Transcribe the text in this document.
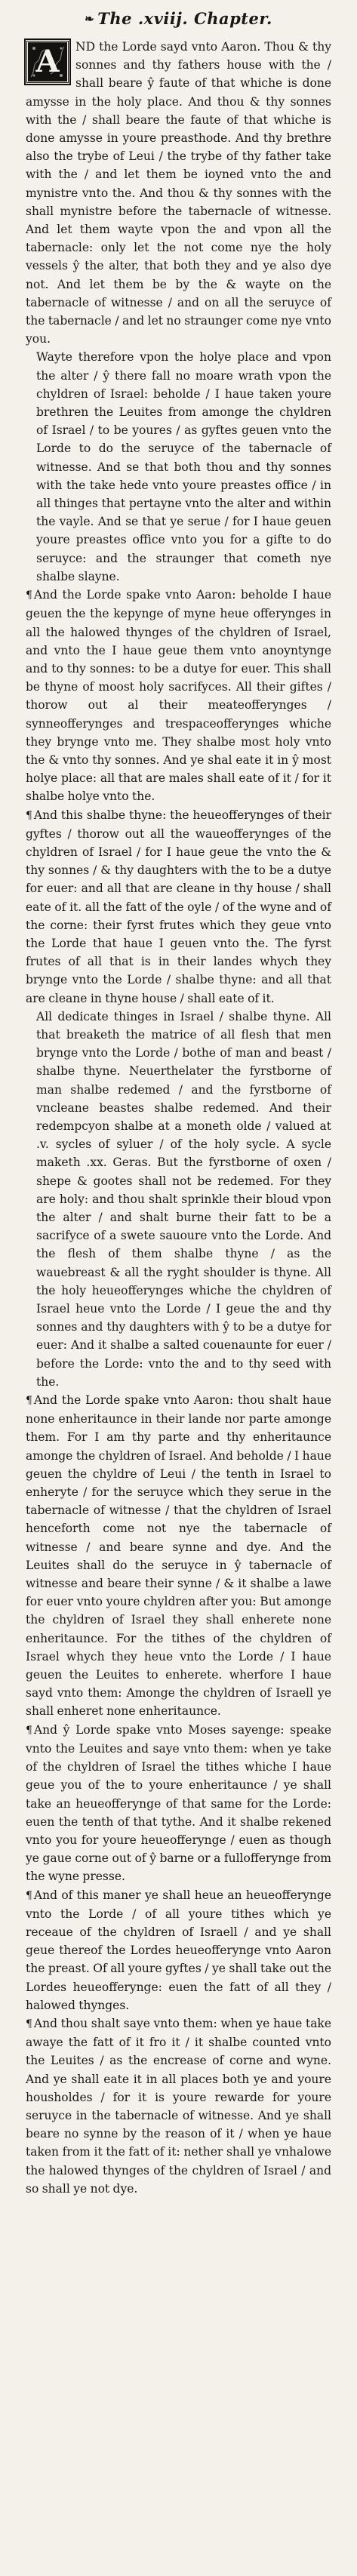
❧ The .xviij. Chapter.

A	ND the Lorde sayd vnto Aaron. Thou & thy sonnes and thy fathers house with the / shall beare ŷ faute of that whiche is done amysse in the holy place. And thou & thy sonnes with the / shall beare the faute of that whiche is done amysse in youre preasthode. And thy brethre also the trybe of Leui / the trybe of thy father take with the / and let them be ioyned vnto the and mynistre vnto the. And thou & thy sonnes with the shall mynistre before the tabernacle of witnesse. And let them wayte vpon the and vpon all the tabernacle: only let the not come nye the holy vessels ŷ the alter, that both they and ye also dye not. And let them be by the & wayte on the tabernacle of witnesse / and on all the seruyce of the tabernacle / and let no straunger come nye vnto you.

Wayte therefore vpon the holye place and vpon the alter / ŷ there fall no moare wrath vpon the chyldren of Israel: beholde / I haue taken youre brethren the Leuites from amonge the chyldren of Israel / to be youres / as gyftes geuen vnto the Lorde to do the seruyce of the tabernacle of witnesse. And se that both thou and thy sonnes with the take hede vnto youre preastes office / in all thinges that pertayne vnto the alter and within the vayle. And se that ye serue / for I haue geuen youre preastes office vnto you for a gifte to do seruyce: and the straunger that cometh nye shalbe slayne.

¶ And the Lorde spake vnto Aaron: beholde I haue geuen the the kepynge of myne heue offerynges in all the halowed thynges of the chyldren of Israel, and vnto the I haue geue them vnto anoyntynge and to thy sonnes: to be a dutye for euer. This shall be thyne of moost holy sacrifyces. All their giftes / thorow out al their meateofferynges / synneofferynges and trespaceofferynges whiche they brynge vnto me. They shalbe most holy vnto the & vnto thy sonnes. And ye shal eate it in ŷ most holye place: all that are males shall eate of it / for it shalbe holye vnto the.

¶ And this shalbe thyne: the heueofferynges of their gyftes / thorow out all the waueofferynges of the chyldren of Israel / for I haue geue the vnto the & thy sonnes / & thy daughters with the to be a dutye for euer: and all that are cleane in thy house / shall eate of it. all the fatt of the oyle / of the wyne and of the corne: their fyrst frutes which they geue vnto the Lorde that haue I geuen vnto the. The fyrst frutes of all that is in their landes whych they brynge vnto the Lorde / shalbe thyne: and all that are cleane in thyne house / shall eate of it.

All dedicate thinges in Israel / shalbe thyne. All that breaketh the matrice of all flesh that men brynge vnto the Lorde / bothe of man and beast / shalbe thyne. Neuerthelater the fyrstborne of man shalbe redemed / and the fyrstborne of vncleane beastes shalbe redemed. And their redempcyon shalbe at a moneth olde / valued at .v. sycles of syluer / of the holy sycle. A sycle maketh .xx. Geras. But the fyrstborne of oxen / shepe & gootes shall not be redemed. For they are holy: and thou shalt sprinkle their bloud vpon the alter / and shalt burne their fatt to be a sacrifyce of a swete sauoure vnto the Lorde. And the flesh of them shalbe thyne / as the wauebreast & all the ryght shoulder is thyne. All the holy heueofferynges whiche the chyldren of Israel heue vnto the Lorde / I geue the and thy sonnes and thy daughters with ŷ to be a dutye for euer: And it shalbe a salted couenaunte for euer / before the Lorde: vnto the and to thy seed with the.

¶ And the Lorde spake vnto Aaron: thou shalt haue none enheritaunce in their lande nor parte amonge them. For I am thy parte and thy enheritaunce amonge the chyldren of Israel. And beholde / I haue geuen the chyldre of Leui / the tenth in Israel to enheryte / for the seruyce which they serue in the tabernacle of witnesse / that the chyldren of Israel henceforth come not nye the tabernacle of witnesse / and beare synne and dye. And the Leuites shall do the seruyce in ŷ tabernacle of witnesse and beare their synne / & it shalbe a lawe for euer vnto youre chyldren after you: But amonge the chyldren of Israel they shall enherete none enheritaunce. For the tithes of the chyldren of Israel whych they heue vnto the Lorde / I haue geuen the Leuites to enherete. wherfore I haue sayd vnto them: Amonge the chyldren of Israell ye shall enheret none enheritaunce.

¶ And ŷ Lorde spake vnto Moses sayenge: speake vnto the Leuites and saye vnto them: when ye take of the chyldren of Israel the tithes whiche I haue geue you of the to youre enheritaunce / ye shall take an heueofferynge of that same for the Lorde: euen the tenth of that tythe. And it shalbe rekened vnto you for youre heueofferynge / euen as though ye gaue corne out of ŷ barne or a fullofferynge from the wyne presse.

¶ And of this maner ye shall heue an heueofferynge vnto the Lorde / of all youre tithes which ye receaue of the chyldren of Israell / and ye shall geue thereof the Lordes heueofferynge vnto Aaron the preast. Of all youre gyftes / ye shall take out the Lordes heueofferynge: euen the fatt of all they / halowed thynges.

¶ And thou shalt saye vnto them: when ye haue take awaye the fatt of it fro it / it shalbe counted vnto the Leuites / as the encrease of corne and wyne. And ye shall eate it in all places both ye and youre housholdes / for it is youre rewarde for youre seruyce in the tabernacle of witnesse. And ye shall beare no synne by the reason of it / when ye haue taken from it the fatt of it: nether shall ye vnhalowe the halowed thynges of the chyldren of Israel / and so shall ye not dye.
